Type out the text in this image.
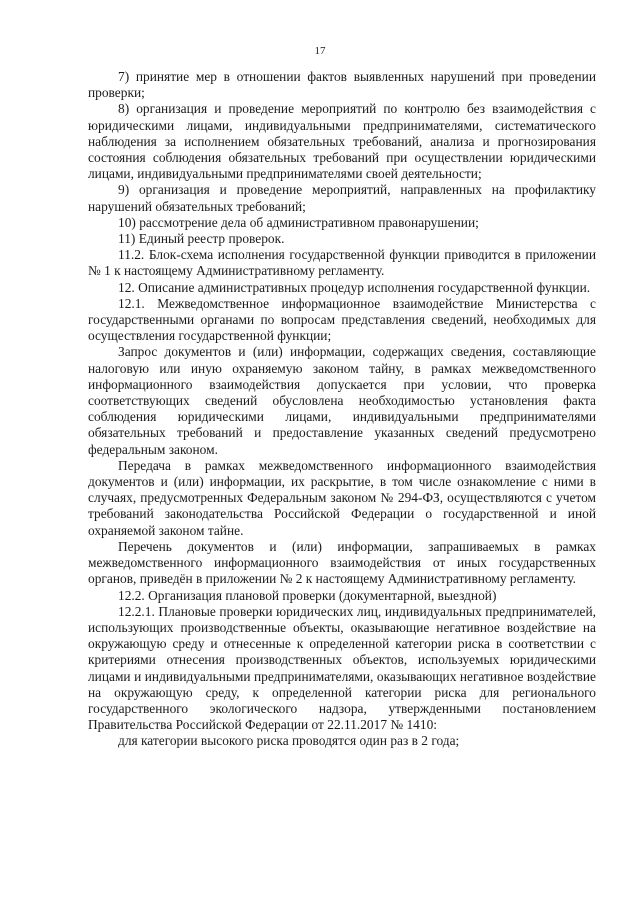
17

7) принятие мер в отношении фактов выявленных нарушений при проведении проверки;

8) организация и проведение мероприятий по контролю без взаимодействия с юридическими лицами, индивидуальными предпринимателями, систематического наблюдения за исполнением обязательных требований, анализа и прогнозирования состояния соблюдения обязательных требований при осуществлении юридическими лицами, индивидуальными предпринимателями своей деятельности;

9) организация и проведение мероприятий, направленных на профилактику нарушений обязательных требований;

10) рассмотрение дела об административном правонарушении;

11) Единый реестр проверок.

11.2. Блок-схема исполнения государственной функции приводится в приложении № 1 к настоящему Административному регламенту.

12. Описание административных процедур исполнения государственной функции.

12.1. Межведомственное информационное взаимодействие Министерства с государственными органами по вопросам представления сведений, необходимых для осуществления государственной функции;

Запрос документов и (или) информации, содержащих сведения, составляющие налоговую или иную охраняемую законом тайну, в рамках межведомственного информационного взаимодействия допускается при условии, что проверка соответствующих сведений обусловлена необходимостью установления факта соблюдения юридическими лицами, индивидуальными предпринимателями обязательных требований и предоставление указанных сведений предусмотрено федеральным законом.

Передача в рамках межведомственного информационного взаимодействия документов и (или) информации, их раскрытие, в том числе ознакомление с ними в случаях, предусмотренных Федеральным законом № 294-ФЗ, осуществляются с учетом требований законодательства Российской Федерации о государственной и иной охраняемой законом тайне.

Перечень документов и (или) информации, запрашиваемых в рамках межведомственного информационного взаимодействия от иных государственных органов, приведён в приложении № 2 к настоящему Административному регламенту.

12.2. Организация плановой проверки (документарной, выездной)

12.2.1. Плановые проверки юридических лиц, индивидуальных предпринимателей, использующих производственные объекты, оказывающие негативное воздействие на окружающую среду и отнесенные к определенной категории риска в соответствии с критериями отнесения производственных объектов, используемых юридическими лицами и индивидуальными предпринимателями, оказывающих негативное воздействие на окружающую среду, к определенной категории риска для регионального государственного экологического надзора, утвержденными постановлением Правительства Российской Федерации от 22.11.2017 № 1410:

для категории высокого риска проводятся один раз в 2 года;
